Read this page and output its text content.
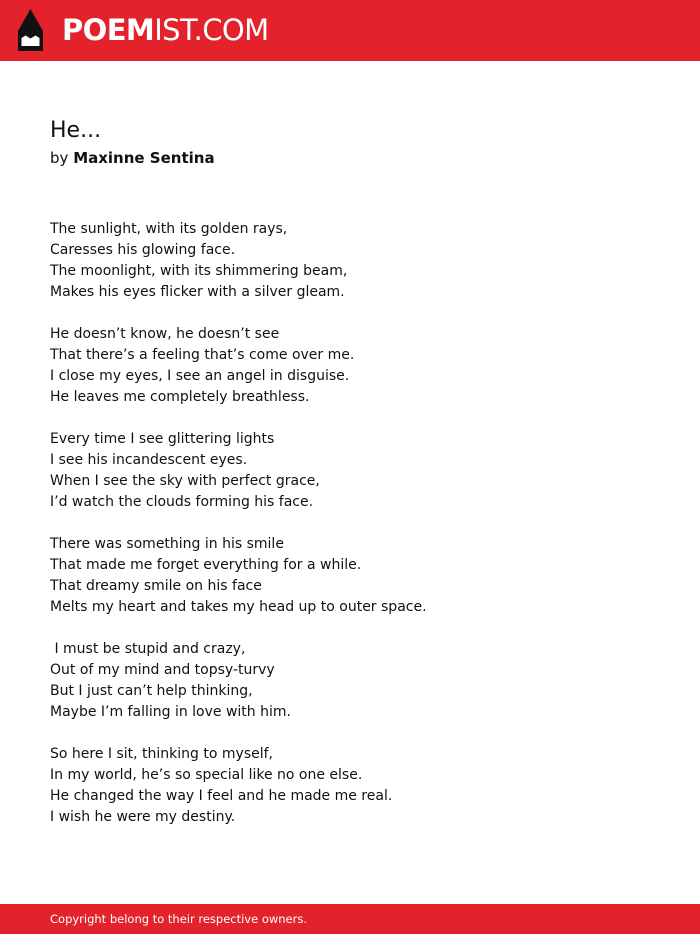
POEMIST.COM
He...
by Maxinne Sentina
The sunlight, with its golden rays,
Caresses his glowing face.
The moonlight, with its shimmering beam,
Makes his eyes flicker with a silver gleam.
He doesn’t know, he doesn’t see
That there’s a feeling that’s come over me.
I close my eyes, I see an angel in disguise.
He leaves me completely breathless.
Every time I see glittering lights
I see his incandescent eyes.
When I see the sky with perfect grace,
I’d watch the clouds forming his face.
There was something in his smile
That made me forget everything for a while.
That dreamy smile on his face
Melts my heart and takes my head up to outer space.
I must be stupid and crazy,
Out of my mind and topsy-turvy
But I just can’t help thinking,
Maybe I’m falling in love with him.
So here I sit, thinking to myself,
In my world, he’s so special like no one else.
He changed the way I feel and he made me real.
I wish he were my destiny.
Copyright belong to their respective owners.
